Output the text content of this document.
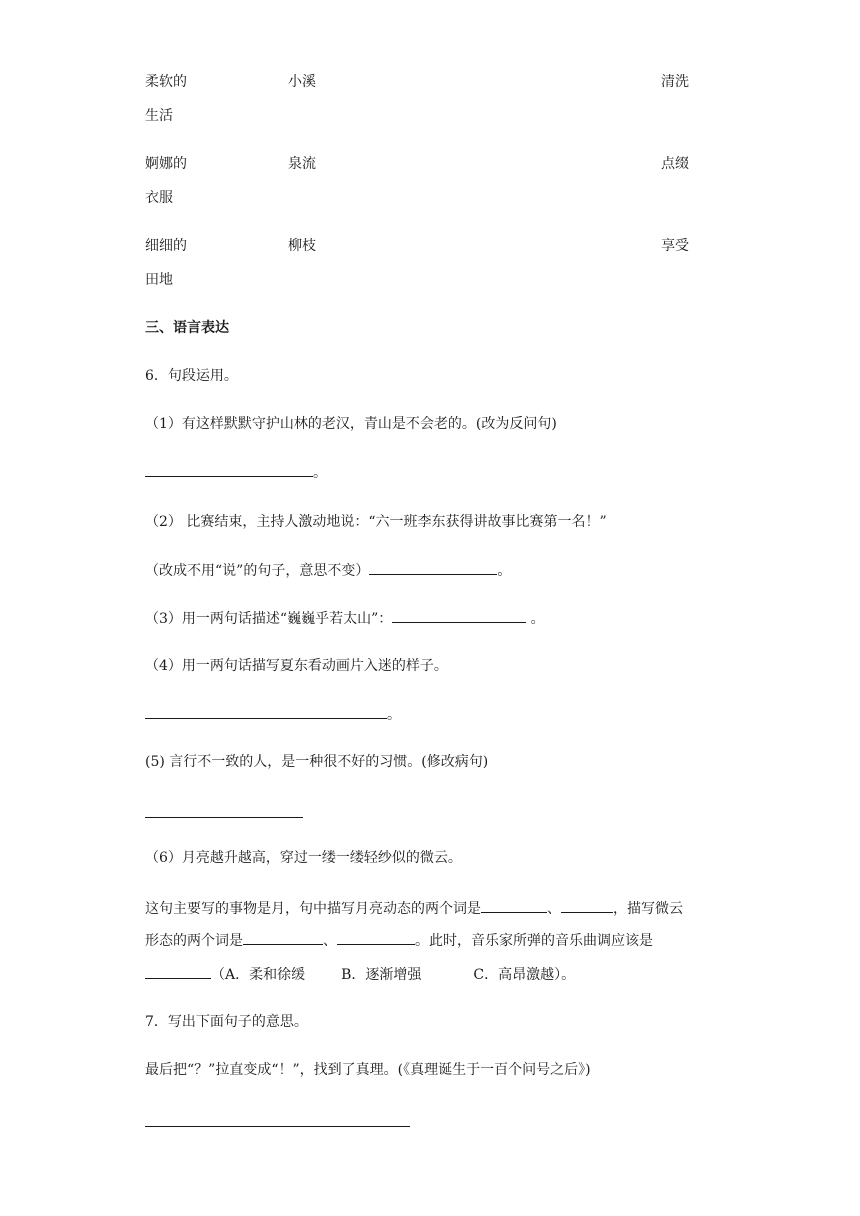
柔软的	小溪	清洗
生活
婀娜的	泉流	点缀
衣服
细细的	柳枝	享受
田地
三、语言表达
6．句段运用。
（1）有这样默默守护山林的老汉，青山是不会老的。(改为反问句)
。
（2） 比赛结束，主持人激动地说：“六一班李东获得讲故事比赛第一名！”
（改成不用“说”的句子，意思不变）	。
（3）用一两句话描述“巍巍乎若太山”：	。
（4）用一两句话描写夏东看动画片入迷的样子。
。
(5) 言行不一致的人，是一种很不好的习惯。(修改病句)
（6）月亮越升越高，穿过一缕一缕轻纱似的微云。
这句主要写的事物是月，句中描写月亮动态的两个词是	、	，描写微云
形态的两个词是	、	。此时，音乐家所弹的音乐曲调应该是
（A．柔和徐缓	B．逐渐增强	C．高昂激越）。
7．写出下面句子的意思。
最后把“？”拉直变成“！”，找到了真理。(《真理诞生于一百个问号之后》)
